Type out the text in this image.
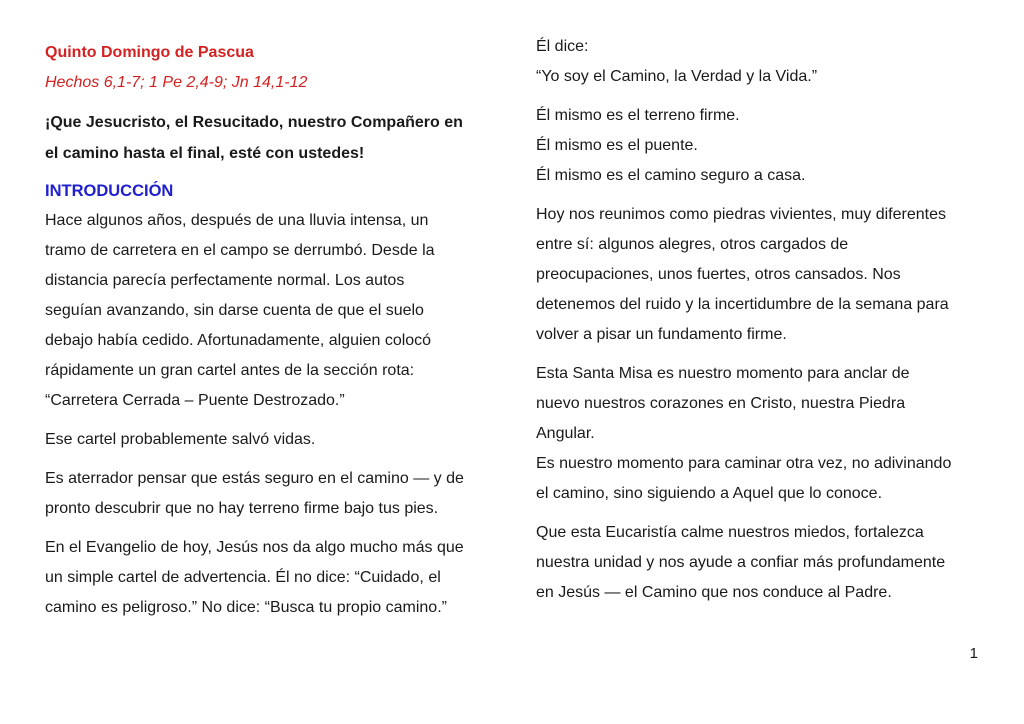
Quinto Domingo de Pascua
Hechos 6,1-7; 1 Pe 2,4-9; Jn 14,1-12
¡Que Jesucristo, el Resucitado, nuestro Compañero en
el camino hasta el final, esté con ustedes!
INTRODUCCIÓN
Hace algunos años, después de una lluvia intensa, un
tramo de carretera en el campo se derrumbó. Desde la
distancia parecía perfectamente normal. Los autos
seguían avanzando, sin darse cuenta de que el suelo
debajo había cedido. Afortunadamente, alguien colocó
rápidamente un gran cartel antes de la sección rota:
“Carretera Cerrada – Puente Destrozado.”
Ese cartel probablemente salvó vidas.
Es aterrador pensar que estás seguro en el camino — y de
pronto descubrir que no hay terreno firme bajo tus pies.
En el Evangelio de hoy, Jesús nos da algo mucho más que
un simple cartel de advertencia. Él no dice: “Cuidado, el
camino es peligroso.” No dice: “Busca tu propio camino.”
Él dice:
“Yo soy el Camino, la Verdad y la Vida.”
Él mismo es el terreno firme.
Él mismo es el puente.
Él mismo es el camino seguro a casa.
Hoy nos reunimos como piedras vivientes, muy diferentes
entre sí: algunos alegres, otros cargados de
preocupaciones, unos fuertes, otros cansados. Nos
detenemos del ruido y la incertidumbre de la semana para
volver a pisar un fundamento firme.
Esta Santa Misa es nuestro momento para anclar de
nuevo nuestros corazones en Cristo, nuestra Piedra
Angular.
Es nuestro momento para caminar otra vez, no adivinando
el camino, sino siguiendo a Aquel que lo conoce.
Que esta Eucaristía calme nuestros miedos, fortalezca
nuestra unidad y nos ayude a confiar más profundamente
en Jesús — el Camino que nos conduce al Padre.
1
